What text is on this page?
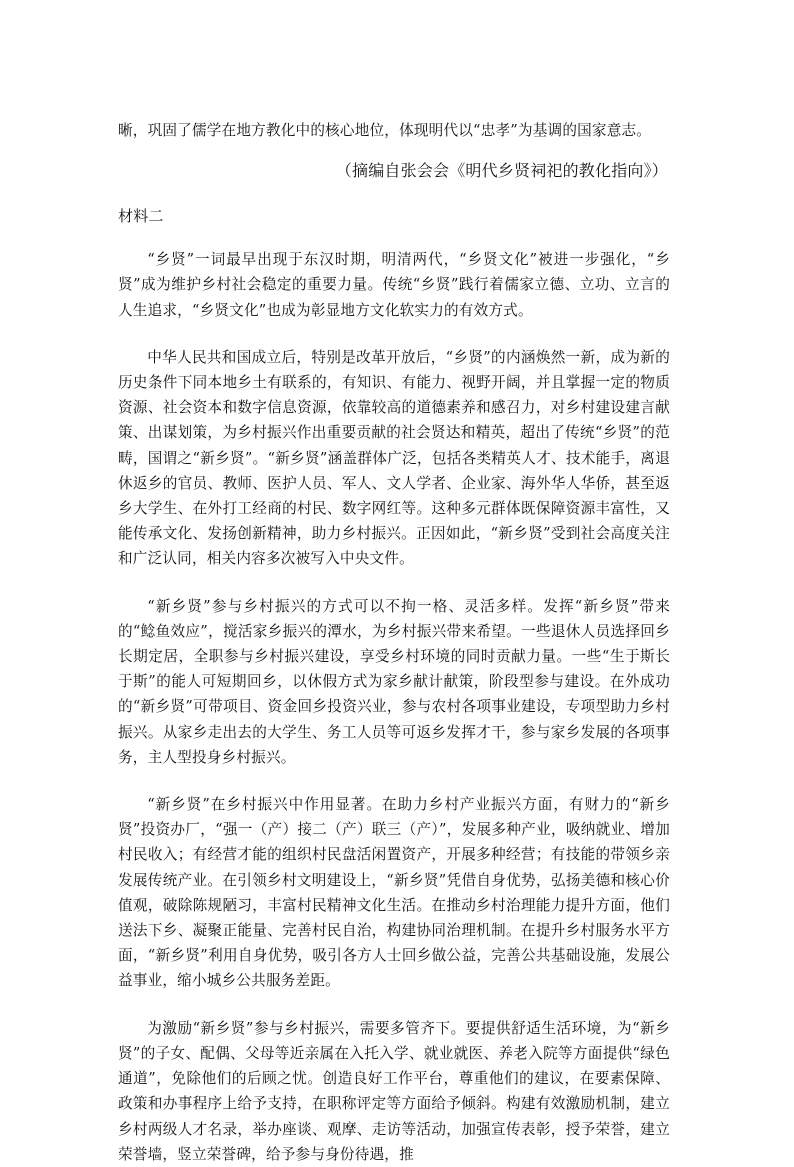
晰，巩固了儒学在地方教化中的核心地位，体现明代以“忠孝”为基调的国家意志。

（摘编自张会会《明代乡贤祠祀的教化指向》）

材料二

“乡贤”一词最早出现于东汉时期，明清两代，“乡贤文化”被进一步强化，“乡贤”成为维护乡村社会稳定的重要力量。传统“乡贤”践行着儒家立德、立功、立言的人生追求，“乡贤文化”也成为彰显地方文化软实力的有效方式。

中华人民共和国成立后，特别是改革开放后，“乡贤”的内涵焕然一新，成为新的历史条件下同本地乡土有联系的，有知识、有能力、视野开阔，并且掌握一定的物质资源、社会资本和数字信息资源，依靠较高的道德素养和感召力，对乡村建设建言献策、出谋划策，为乡村振兴作出重要贡献的社会贤达和精英，超出了传统“乡贤”的范畴，国谓之“新乡贤”。“新乡贤”涵盖群体广泛，包括各类精英人才、技术能手，离退休返乡的官员、教师、医护人员、军人、文人学者、企业家、海外华人华侨，甚至返乡大学生、在外打工经商的村民、数字网红等。这种多元群体既保障资源丰富性，又能传承文化、发扬创新精神，助力乡村振兴。正因如此，“新乡贤”受到社会高度关注和广泛认同，相关内容多次被写入中央文件。

“新乡贤”参与乡村振兴的方式可以不拘一格、灵活多样。发挥“新乡贤”带来的“鲶鱼效应”，搅活家乡振兴的潭水，为乡村振兴带来希望。一些退休人员选择回乡长期定居，全职参与乡村振兴建设，享受乡村环境的同时贡献力量。一些“生于斯长于斯”的能人可短期回乡，以休假方式为家乡献计献策，阶段型参与建设。在外成功的“新乡贤”可带项目、资金回乡投资兴业，参与农村各项事业建设，专项型助力乡村振兴。从家乡走出去的大学生、务工人员等可返乡发挥才干，参与家乡发展的各项事务，主人型投身乡村振兴。

“新乡贤”在乡村振兴中作用显著。在助力乡村产业振兴方面，有财力的“新乡贤”投资办厂，“强一（产）接二（产）联三（产）”，发展多种产业，吸纳就业、增加村民收入；有经营才能的组织村民盘活闲置资产，开展多种经营；有技能的带领乡亲发展传统产业。在引领乡村文明建设上，“新乡贤”凭借自身优势，弘扬美德和核心价值观，破除陈规陋习，丰富村民精神文化生活。在推动乡村治理能力提升方面，他们送法下乡、凝聚正能量、完善村民自治，构建协同治理机制。在提升乡村服务水平方面，“新乡贤”利用自身优势，吸引各方人士回乡做公益，完善公共基础设施，发展公益事业，缩小城乡公共服务差距。

为激励“新乡贤”参与乡村振兴，需要多管齐下。要提供舒适生活环境，为“新乡贤”的子女、配偶、父母等近亲属在入托入学、就业就医、养老入院等方面提供“绿色通道”，免除他们的后顾之忧。创造良好工作平台，尊重他们的建议，在要素保障、政策和办事程序上给予支持，在职称评定等方面给予倾斜。构建有效激励机制，建立乡村两级人才名录，举办座谈、观摩、走访等活动，加强宣传表彰，授予荣誉，建立荣誉墙，竖立荣誉碑，给予参与身份待遇，推
